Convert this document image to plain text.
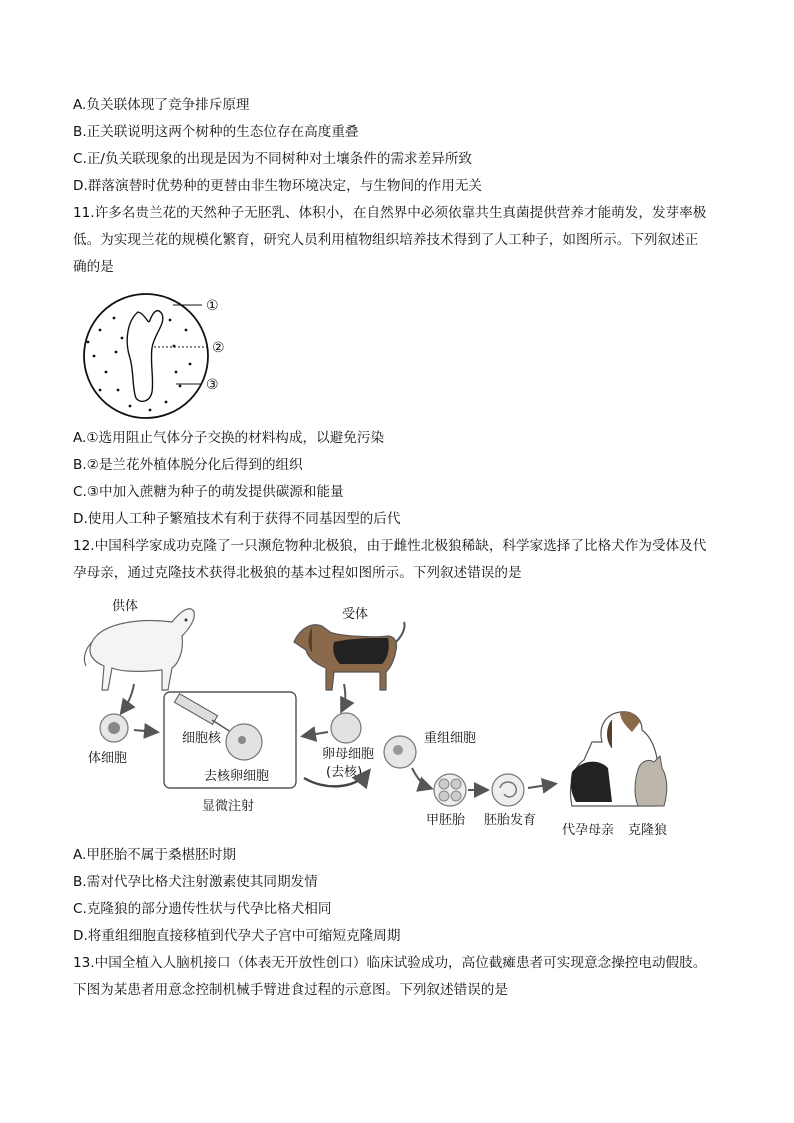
A.负关联体现了竞争排斥原理
B.正关联说明这两个树种的生态位存在高度重叠
C.正/负关联现象的出现是因为不同树种对土壤条件的需求差异所致
D.群落演替时优势种的更替由非生物环境决定，与生物间的作用无关
11.许多名贵兰花的天然种子无胚乳、体积小，在自然界中必须依靠共生真菌提供营养才能萌发，发芽率极
低。为实现兰花的规模化繁育，研究人员利用植物组织培养技术得到了人工种子，如图所示。下列叙述正
确的是
①
②
③
A.①选用阻止气体分子交换的材料构成，以避免污染
B.②是兰花外植体脱分化后得到的组织
C.③中加入蔗糖为种子的萌发提供碳源和能量
D.使用人工种子繁殖技术有利于获得不同基因型的后代
12.中国科学家成功克隆了一只濒危物种北极狼，由于雌性北极狼稀缺，科学家选择了比格犬作为受体及代
孕母亲，通过克隆技术获得北极狼的基本过程如图所示。下列叙述错误的是
供体
受体
体细胞
细胞核
去核卵细胞
显微注射
卵母细胞
(去核)
重组细胞
甲胚胎 胚胎发育
代孕母亲 克隆狼
A.甲胚胎不属于桑椹胚时期
B.需对代孕比格犬注射激素使其同期发情
C.克隆狼的部分遗传性状与代孕比格犬相同
D.将重组细胞直接移植到代孕犬子宫中可缩短克隆周期
13.中国全植入人脑机接口（体表无开放性创口）临床试验成功，高位截瘫患者可实现意念操控电动假肢。
下图为某患者用意念控制机械手臂进食过程的示意图。下列叙述错误的是
